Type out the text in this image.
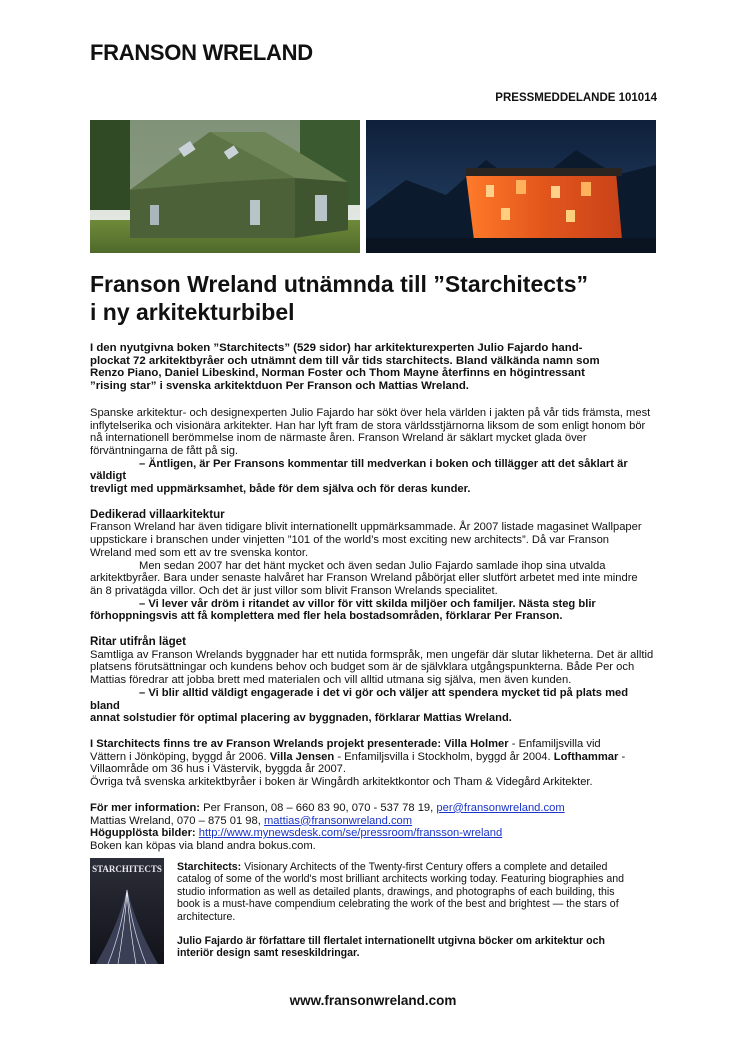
FRANSON WRELAND
PRESSMEDDELANDE 101014
Franson Wreland utnämnda till ”Starchitects”
i ny arkitekturbibel

I den nyutgivna boken ”Starchitects” (529 sidor) har arkitekturexperten Julio Fajardo hand-
plockat 72 arkitektbyråer och utnämnt dem till vår tids starchitects. Bland välkända namn som
Renzo Piano, Daniel Libeskind, Norman Foster och Thom Mayne återfinns en högintressant
”rising star” i svenska arkitektduon Per Franson och Mattias Wreland.

Spanske arkitektur- och designexperten Julio Fajardo har sökt över hela världen i jakten på vår tids främsta, mest
inflytelserika och visionära arkitekter. Han har lyft fram de stora världsstjärnorna liksom de som enligt honom bör
nå internationell berömmelse inom de närmaste åren. Franson Wreland är säklart mycket glada över
förväntningarna de fått på sig.
– Äntligen, är Per Fransons kommentar till medverkan i boken och tillägger att det såklart är väldigt
trevligt med uppmärksamhet, både för dem själva och för deras kunder.

Dedikerad villaarkitektur

Franson Wreland har även tidigare blivit internationellt uppmärksammade. År 2007 listade magasinet Wallpaper
uppstickare i branschen under vinjetten ”101 of the world’s most exciting new architects”. Då var Franson
Wreland med som ett av tre svenska kontor.
Men sedan 2007 har det hänt mycket och även sedan Julio Fajardo samlade ihop sina utvalda
arkitektbyråer. Bara under senaste halvåret har Franson Wreland påbörjat eller slutfört arbetet med inte mindre
än 8 privatägda villor. Och det är just villor som blivit Franson Wrelands specialitet.
– Vi lever vår dröm i ritandet av villor för vitt skilda miljöer och familjer. Nästa steg blir
förhoppningsvis att få komplettera med fler hela bostadsområden, förklarar Per Franson.

Ritar utifrån läget

Samtliga av Franson Wrelands byggnader har ett nutida formspråk, men ungefär där slutar likheterna. Det är alltid
platsens förutsättningar och kundens behov och budget som är de självklara utgångspunkterna. Både Per och
Mattias föredrar att jobba brett med materialen och vill alltid utmana sig själva, men även kunden.
– Vi blir alltid väldigt engagerade i det vi gör och väljer att spendera mycket tid på plats med bland
annat solstudier för optimal placering av byggnaden, förklarar Mattias Wreland.

I Starchitects finns tre av Franson Wrelands projekt presenterade: Villa Holmer - Enfamiljsvilla vid
Vättern i Jönköping, byggd år 2006. Villa Jensen - Enfamiljsvilla i Stockholm, byggd år 2004. Lofthammar -
Villaområde om 36 hus i Västervik, byggda år 2007.
Övriga två svenska arkitektbyråer i boken är Wingårdh arkitektkontor och Tham & Videgård Arkitekter.

För mer information: Per Franson, 08 – 660 83 90, 070 - 537 78 19, per@fransonwreland.com
Mattias Wreland, 070 – 875 01 98, mattias@fransonwreland.com
Högupplösta bilder: http://www.mynewsdesk.com/se/pressroom/fransson-wreland
Boken kan köpas via bland andra bokus.com.

STARCHITECTS Starchitects: Visionary Architects of the Twenty-first Century offers a complete and detailed
catalog of some of the world's most brilliant architects working today. Featuring biographies and
studio information as well as detailed plants, drawings, and photographs of each building, this
book is a must-have compendium celebrating the work of the best and brightest — the stars of
architecture.

Julio Fajardo är författare till flertalet internationellt utgivna böcker om arkitektur och
interiör design samt reseskildringar.

www.fransonwreland.com
